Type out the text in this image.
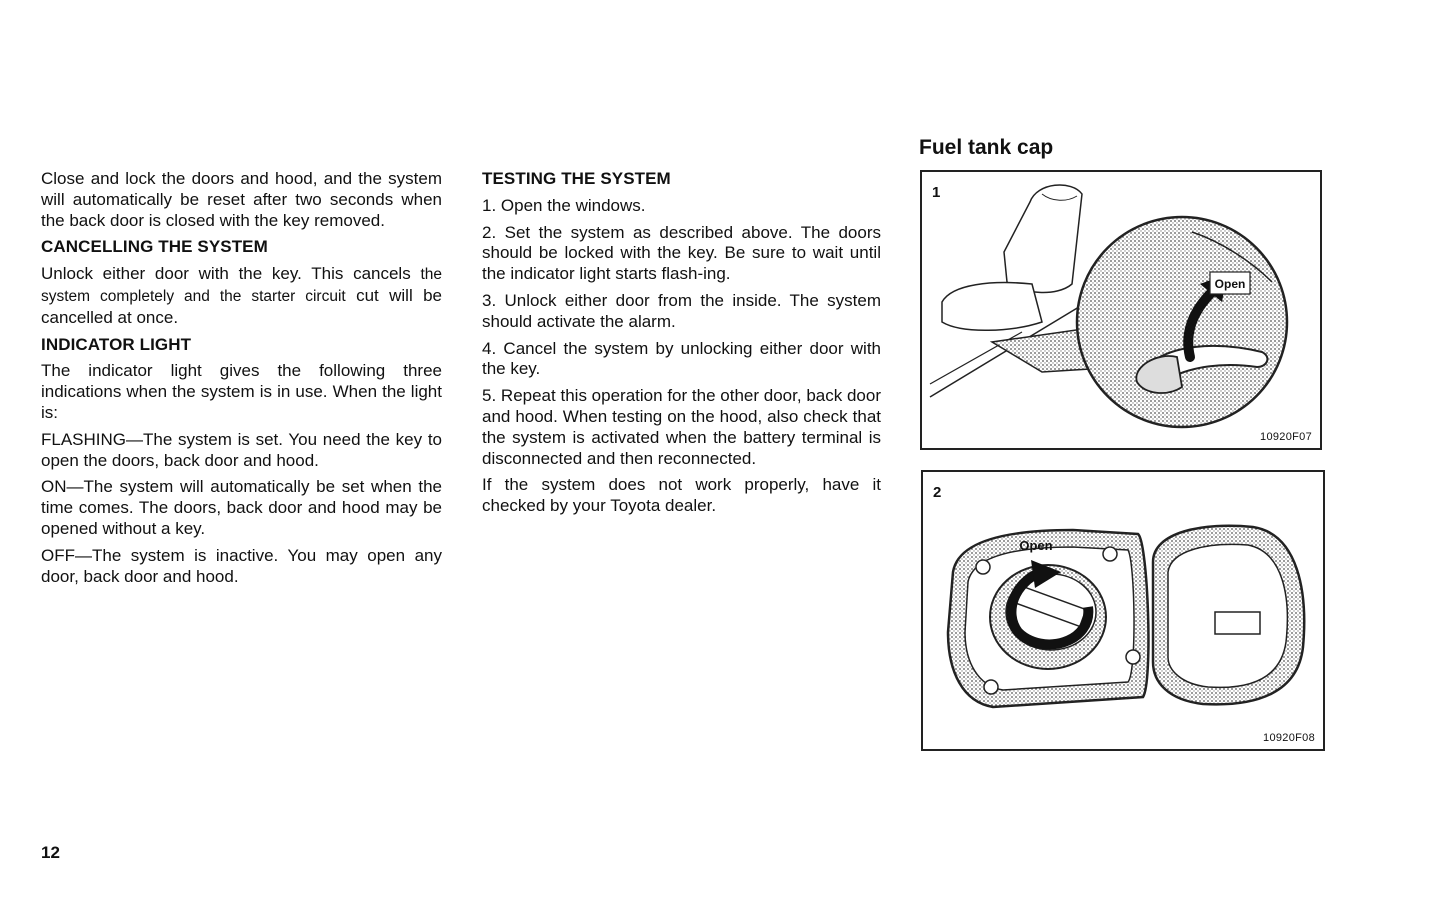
Close and lock the doors and hood, and the system will automatically be reset after two seconds when the back door is closed with the key removed.

CANCELLING THE SYSTEM

Unlock either door with the key. This cancels the system completely and the starter circuit cut will be cancelled at once.

INDICATOR LIGHT

The indicator light gives the following three indications when the system is in use. When the light is:

FLASHING—The system is set. You need the key to open the doors, back door and hood.

ON—The system will automatically be set when the time comes. The doors, back door and hood may be opened without a key.

OFF—The system is inactive. You may open any door, back door and hood.

TESTING THE SYSTEM

1. Open the windows.

2. Set the system as described above. The doors should be locked with the key. Be sure to wait until the indicator light starts flash-ing.

3. Unlock either door from the inside. The system should activate the alarm.

4. Cancel the system by unlocking either door with the key.

5. Repeat this operation for the other door, back door and hood. When testing on the hood, also check that the system is activated when the battery terminal is disconnected and then reconnected.

If the system does not work properly, have it checked by your Toyota dealer.

Fuel tank cap
Open
1
10920F07
Open
2
10920F08
12
